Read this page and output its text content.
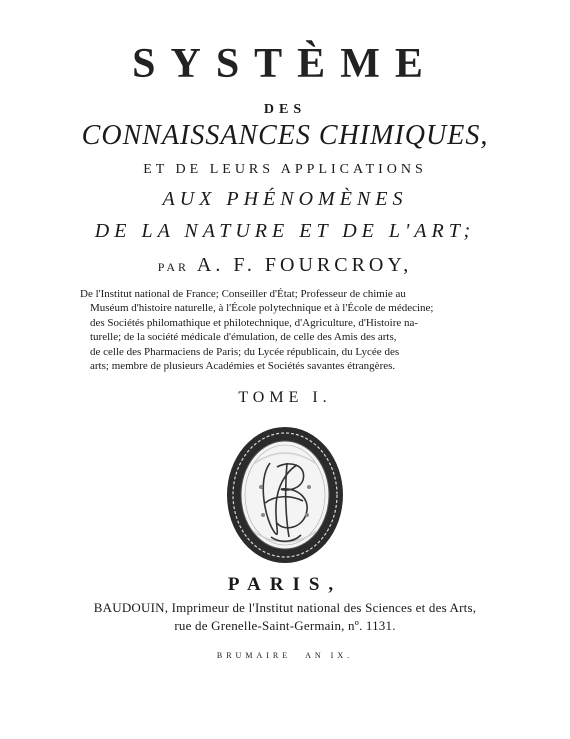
SYSTÈME
DES
CONNAISSANCES CHIMIQUES,
ET DE LEURS APPLICATIONS
AUX PHÉNOMÈNES
DE LA NATURE ET DE L'ART;
PAR A. F. FOURCROY,

De l'Institut national de France; Conseiller d'État; Professeur de chimie au

Muséum d'histoire naturelle, à l'École polytechnique et à l'École de médecine;

des Sociétés philomathique et philotechnique, d'Agriculture, d'Histoire na-

turelle; de la société médicale d'émulation, de celle des Amis des arts,

de celle des Pharmaciens de Paris; du Lycée républicain, du Lycée des

arts; membre de plusieurs Académies et Sociétés savantes étrangères.

TOME I.
PARIS,
BAUDOUIN, Imprimeur de l'Institut national des Sciences et des Arts,
rue de Grenelle-Saint-Germain, nº. 1131.
BRUMAIRE AN IX.
